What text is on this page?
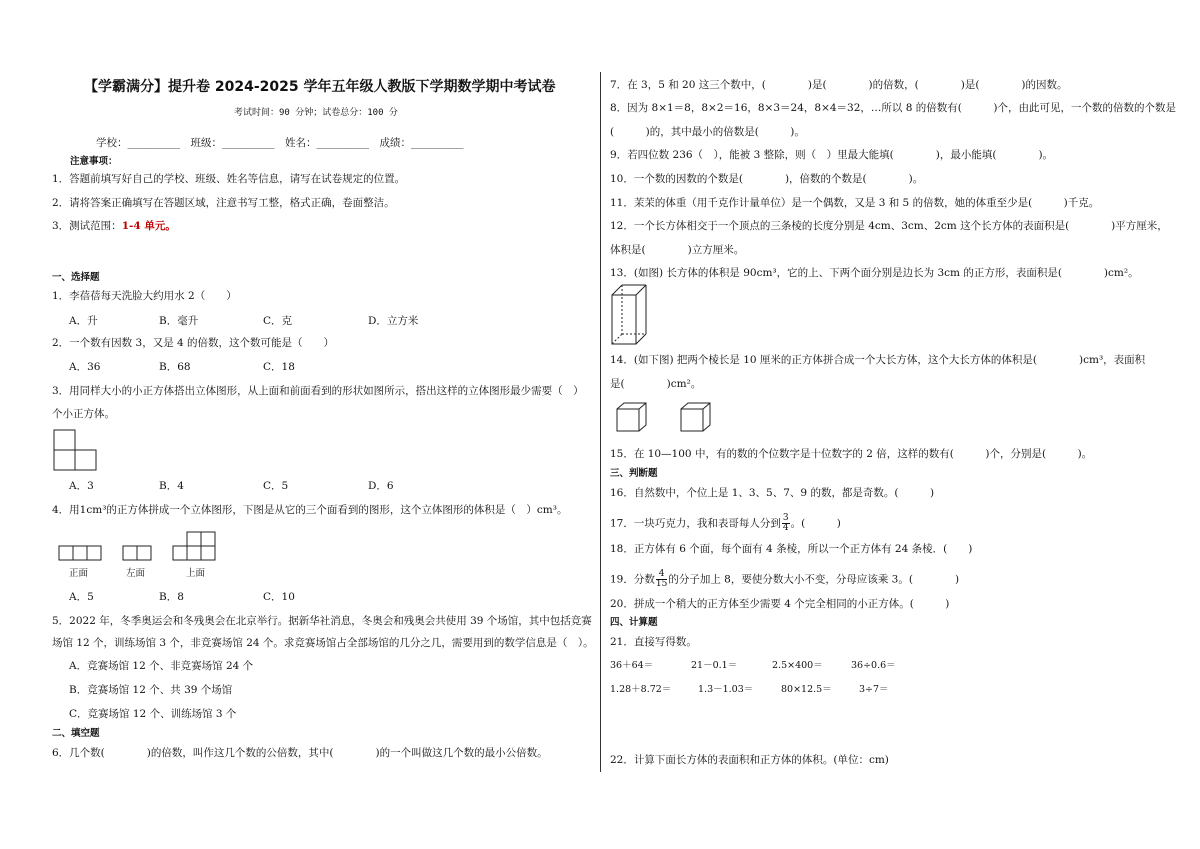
【学霸满分】提升卷 2024-2025 学年五年级人教版下学期数学期中考试卷
考试时间：90 分钟；试卷总分：100 分
学校：__________　班级：__________　姓名：__________　成绩：__________
注意事项：
1．答题前填写好自己的学校、班级、姓名等信息，请写在试卷规定的位置。
2．请将答案正确填写在答题区域，注意书写工整，格式正确，卷面整洁。
3．测试范围：1-4 单元。
一、选择题
1．李蓓蓓每天洗脸大约用水 2（　　）
A．升	B．毫升	C．克	D．立方米
2．一个数有因数 3，又是 4 的倍数，这个数可能是（　　）
A．36	B．68	C．18
3．用同样大小的小正方体搭出立体图形，从上面和前面看到的形状如图所示，搭出这样的立体图形最少需要（　）
个小正方体。
A．3	B．4	C．5	D．6
4．用1cm³的正方体拼成一个立体图形，下图是从它的三个面看到的图形，这个立体图形的体积是（　）cm³。
正面	左面	上面
A．5	B．8	C．10
5．2022 年，冬季奥运会和冬残奥会在北京举行。据新华社消息，冬奥会和残奥会共使用 39 个场馆，其中包括竞赛
场馆 12 个，训练场馆 3 个，非竞赛场馆 24 个。求竞赛场馆占全部场馆的几分之几，需要用到的数学信息是（　）。
A．竞赛场馆 12 个、非竞赛场馆 24 个
B．竞赛场馆 12 个、共 39 个场馆
C．竞赛场馆 12 个、训练场馆 3 个
二、填空题
6．几个数(　　　　)的倍数，叫作这几个数的公倍数，其中(　　　　)的一个叫做这几个数的最小公倍数。
7．在 3，5 和 20 这三个数中，(　　　　)是(　　　　)的倍数，(　　　　)是(　　　　)的因数。
8．因为 8×1＝8，8×2＝16，8×3＝24，8×4＝32，…所以 8 的倍数有(　　　)个，由此可见，一个数的倍数的个数是
(　　　)的，其中最小的倍数是(　　　)。
9．若四位数 236（　），能被 3 整除，则（　）里最大能填(　　　　)，最小能填(　　　　)。
10．一个数的因数的个数是(　　　　)，倍数的个数是(　　　　)。
11．茉茉的体重（用千克作计量单位）是一个偶数，又是 3 和 5 的倍数，她的体重至少是(　　　)千克。
12．一个长方体相交于一个顶点的三条棱的长度分别是 4cm、3cm、2cm 这个长方体的表面积是(　　　　)平方厘米，
体积是(　　　　)立方厘米。
13．(如图) 长方体的体积是 90cm³，它的上、下两个面分别是边长为 3cm 的正方形，表面积是(　　　　)cm²。
14．(如下图) 把两个棱长是 10 厘米的正方体拼合成一个大长方体，这个大长方体的体积是(　　　　)cm³，表面积
是(　　　　)cm²。
15．在 10—100 中，有的数的个位数字是十位数字的 2 倍，这样的数有(　　　)个，分别是(　　　)。
三、判断题
16．自然数中，个位上是 1、3、5、7、9 的数，都是奇数。(　　　)
17．一块巧克力，我和表哥每人分到 $\frac{3}{4}$ 。(　　　)
18．正方体有 6 个面，每个面有 4 条棱，所以一个正方体有 24 条棱．(　　)
19．分数 $\frac{4}{15}$ 的分子加上 8，要使分数大小不变，分母应该乘 3。(　　　　)
20．拼成一个稍大的正方体至少需要 4 个完全相同的小正方体。(　　　)
四、计算题
21．直接写得数。
36＋64＝	21－0.1＝	2.5×400＝	36÷0.6＝
1.28＋8.72＝	1.3－1.03＝	80×12.5＝	3÷7＝
22．计算下面长方体的表面积和正方体的体积。(单位：cm)
